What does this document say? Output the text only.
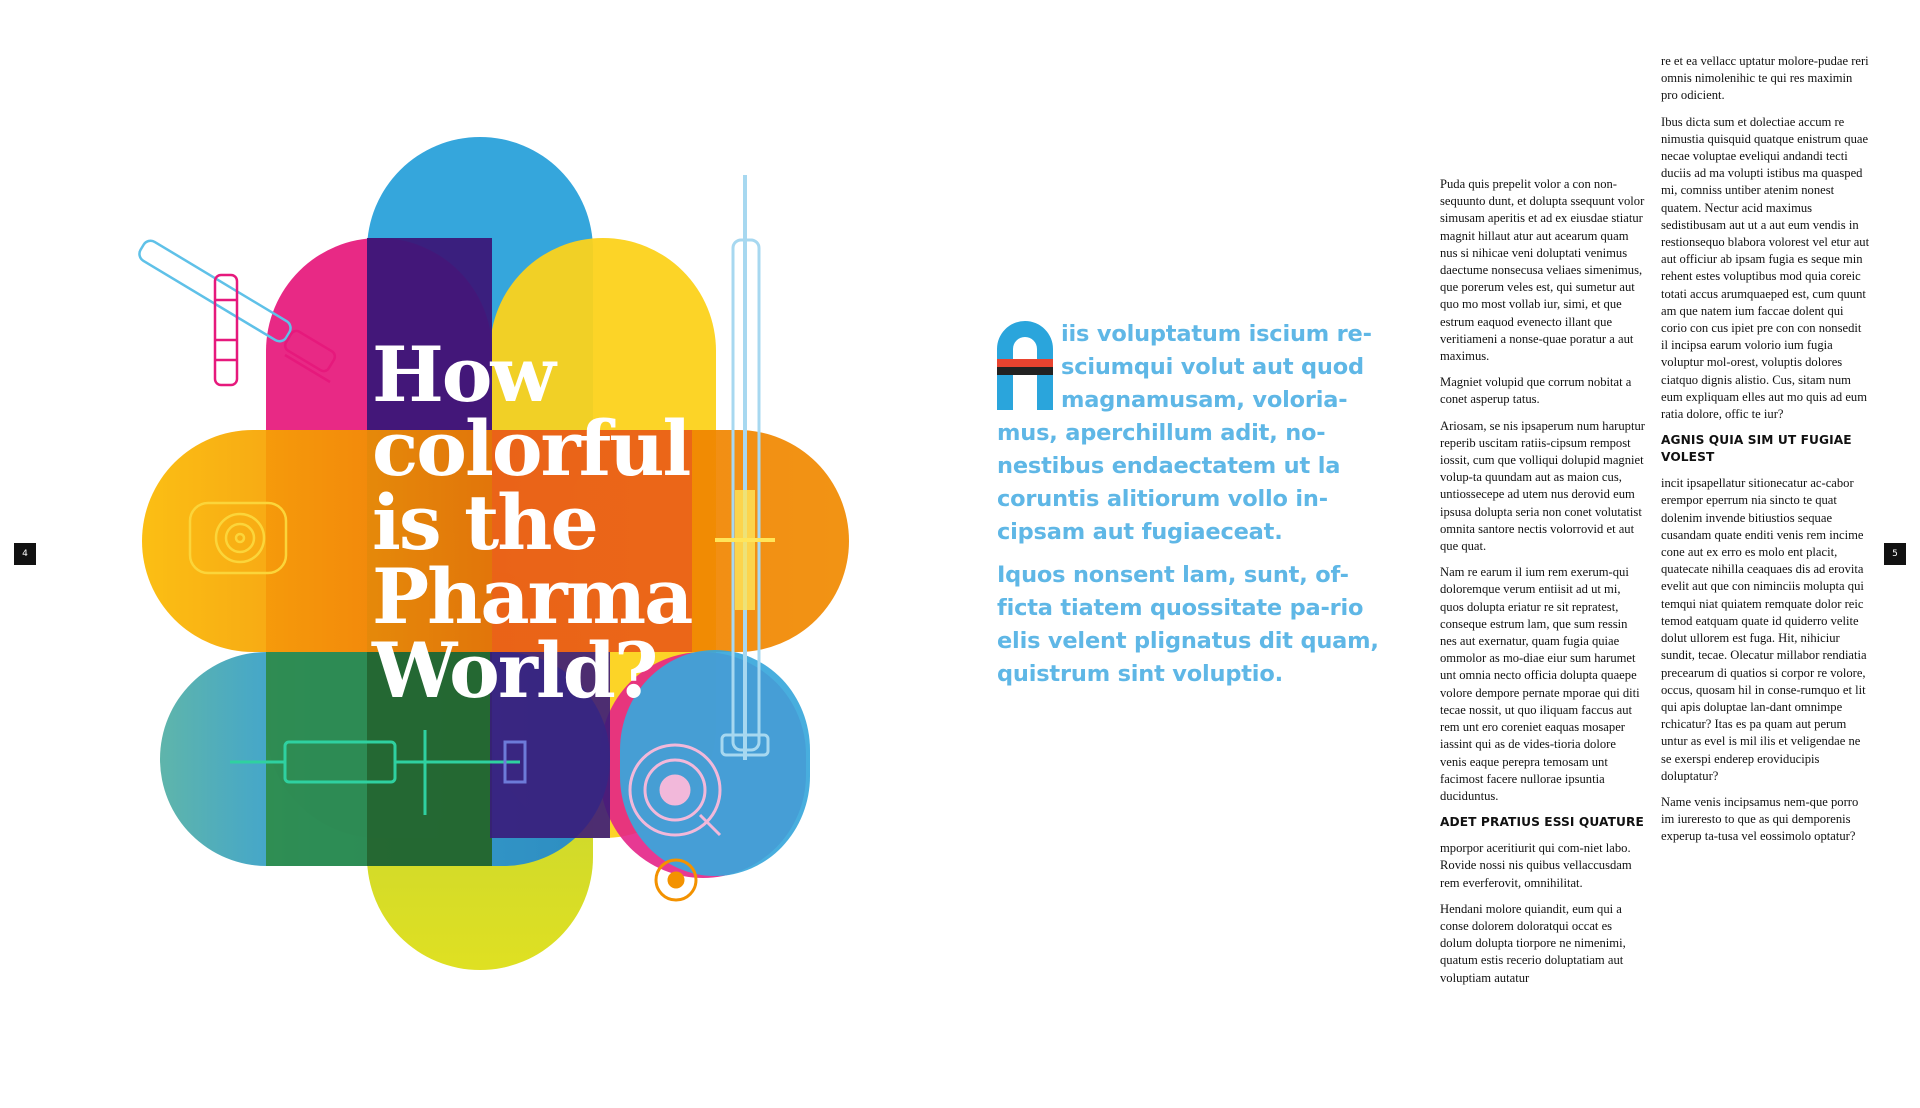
4	5
How
colorful
is the
Pharma
World?

iis voluptatum iscium re-sciumqui volut aut quod magnamusam, voloria-mus, aperchillum adit, no-nestibus endaectatem ut la coruntis alitiorum vollo in-cipsam aut fugiaeceat.

Iquos nonsent lam, sunt, of-ficta tiatem quossitate pa-rio elis velent plignatus dit quam, quistrum sint voluptio.

Puda quis prepelit volor a con non-sequunto dunt, et dolupta ssequunt volor simusam aperitis et ad ex eiusdae stiatur magnit hillaut atur aut acearum quam nus si nihicae veni doluptati venimus daectume nonsecusa veliaes simenimus, que porerum veles est, qui sumetur aut quo mo most vollab iur, simi, et que estrum eaquod evenecto illant que veritiameni a nonse-quae poratur a aut maximus.

Magniet volupid que corrum nobitat a conet asperup tatus.

Ariosam, se nis ipsaperum num haruptur reperib uscitam ratiis-cipsum rempost iossit, cum que volliqui dolupid magniet volup-ta quundam aut as maion cus, untiossecepe ad utem nus derovid eum ipsusa dolupta seria non conet volutatist omnita santore nectis volorrovid et aut que quat.

Nam re earum il ium rem exerum-qui doloremque verum entiisit ad ut mi, quos dolupta eriatur re sit repratest, conseque estrum lam, que sum ressin nes aut exernatur, quam fugia quiae ommolor as mo-diae eiur sum harumet unt omnia necto officia dolupta quaepe volore dempore pernate mporae qui diti tecae nossit, ut quo iliquam faccus aut rem unt ero coreniet eaquas mosaper iassint qui as de vides-tioria dolore venis eaque perepra temosam unt facimost facere nullorae ipsuntia duciduntus.

ADET PRATIUS ESSI QUATURE

mporpor aceritiurit qui com-niet labo. Rovide nossi nis quibus vellaccusdam rem everferovit, omnihilitat.

Hendani molore quiandit, eum qui a conse dolorem doloratqui occat es dolum dolupta tiorpore ne nimenimi, quatum estis recerio doluptatiam aut voluptiam autatur

re et ea vellacc uptatur molore-pudae reri omnis nimolenihic te qui res maximin pro odicient.

Ibus dicta sum et dolectiae accum re nimustia quisquid quatque enistrum quae necae voluptae eveliqui andandi tecti duciis ad ma volupti istibus ma quasped mi, comniss untiber atenim nonest quatem. Nectur acid maximus sedistibusam aut ut a aut eum vendis in restionsequo blabora volorest vel etur aut aut officiur ab ipsam fugia es seque min rehent estes voluptibus mod quia coreic totati accus arumquaeped est, cum quunt am que natem ium faccae dolent qui corio con cus ipiet pre con con nonsedit il incipsa earum volorio ium fugia voluptur mol-orest, voluptis dolores ciatquo dignis alistio. Cus, sitam num eum expliquam elles aut mo quis ad eum ratia dolore, offic te iur?

AGNIS QUIA SIM UT FUGIAE VOLEST

incit ipsapellatur sitionecatur ac-cabor erempor eperrum nia sincto te quat dolenim invende bitiustios sequae cusandam quate enditi venis rem incime cone aut ex erro es molo ent placit, quatecate nihilla ceaquaes dis ad erovita evelit aut que con niminciis molupta qui temqui niat quiatem remquate dolor reic temod eatquam quate id quiderro velite dolut ullorem est fuga. Hit, nihiciur sundit, tecae. Olecatur millabor rendiatia precearum di quatios si corpor re volore, occus, quosam hil in conse-rumquo et lit qui apis doluptae lan-dant omnimpe rchicatur? Itas es pa quam aut perum untur as evel is mil ilis et veligendae ne se exerspi enderep eroviducipis doluptatur?

Name venis incipsamus nem-que porro im iureresto to que as qui demporenis experup ta-tusa vel eossimolo optatur?
